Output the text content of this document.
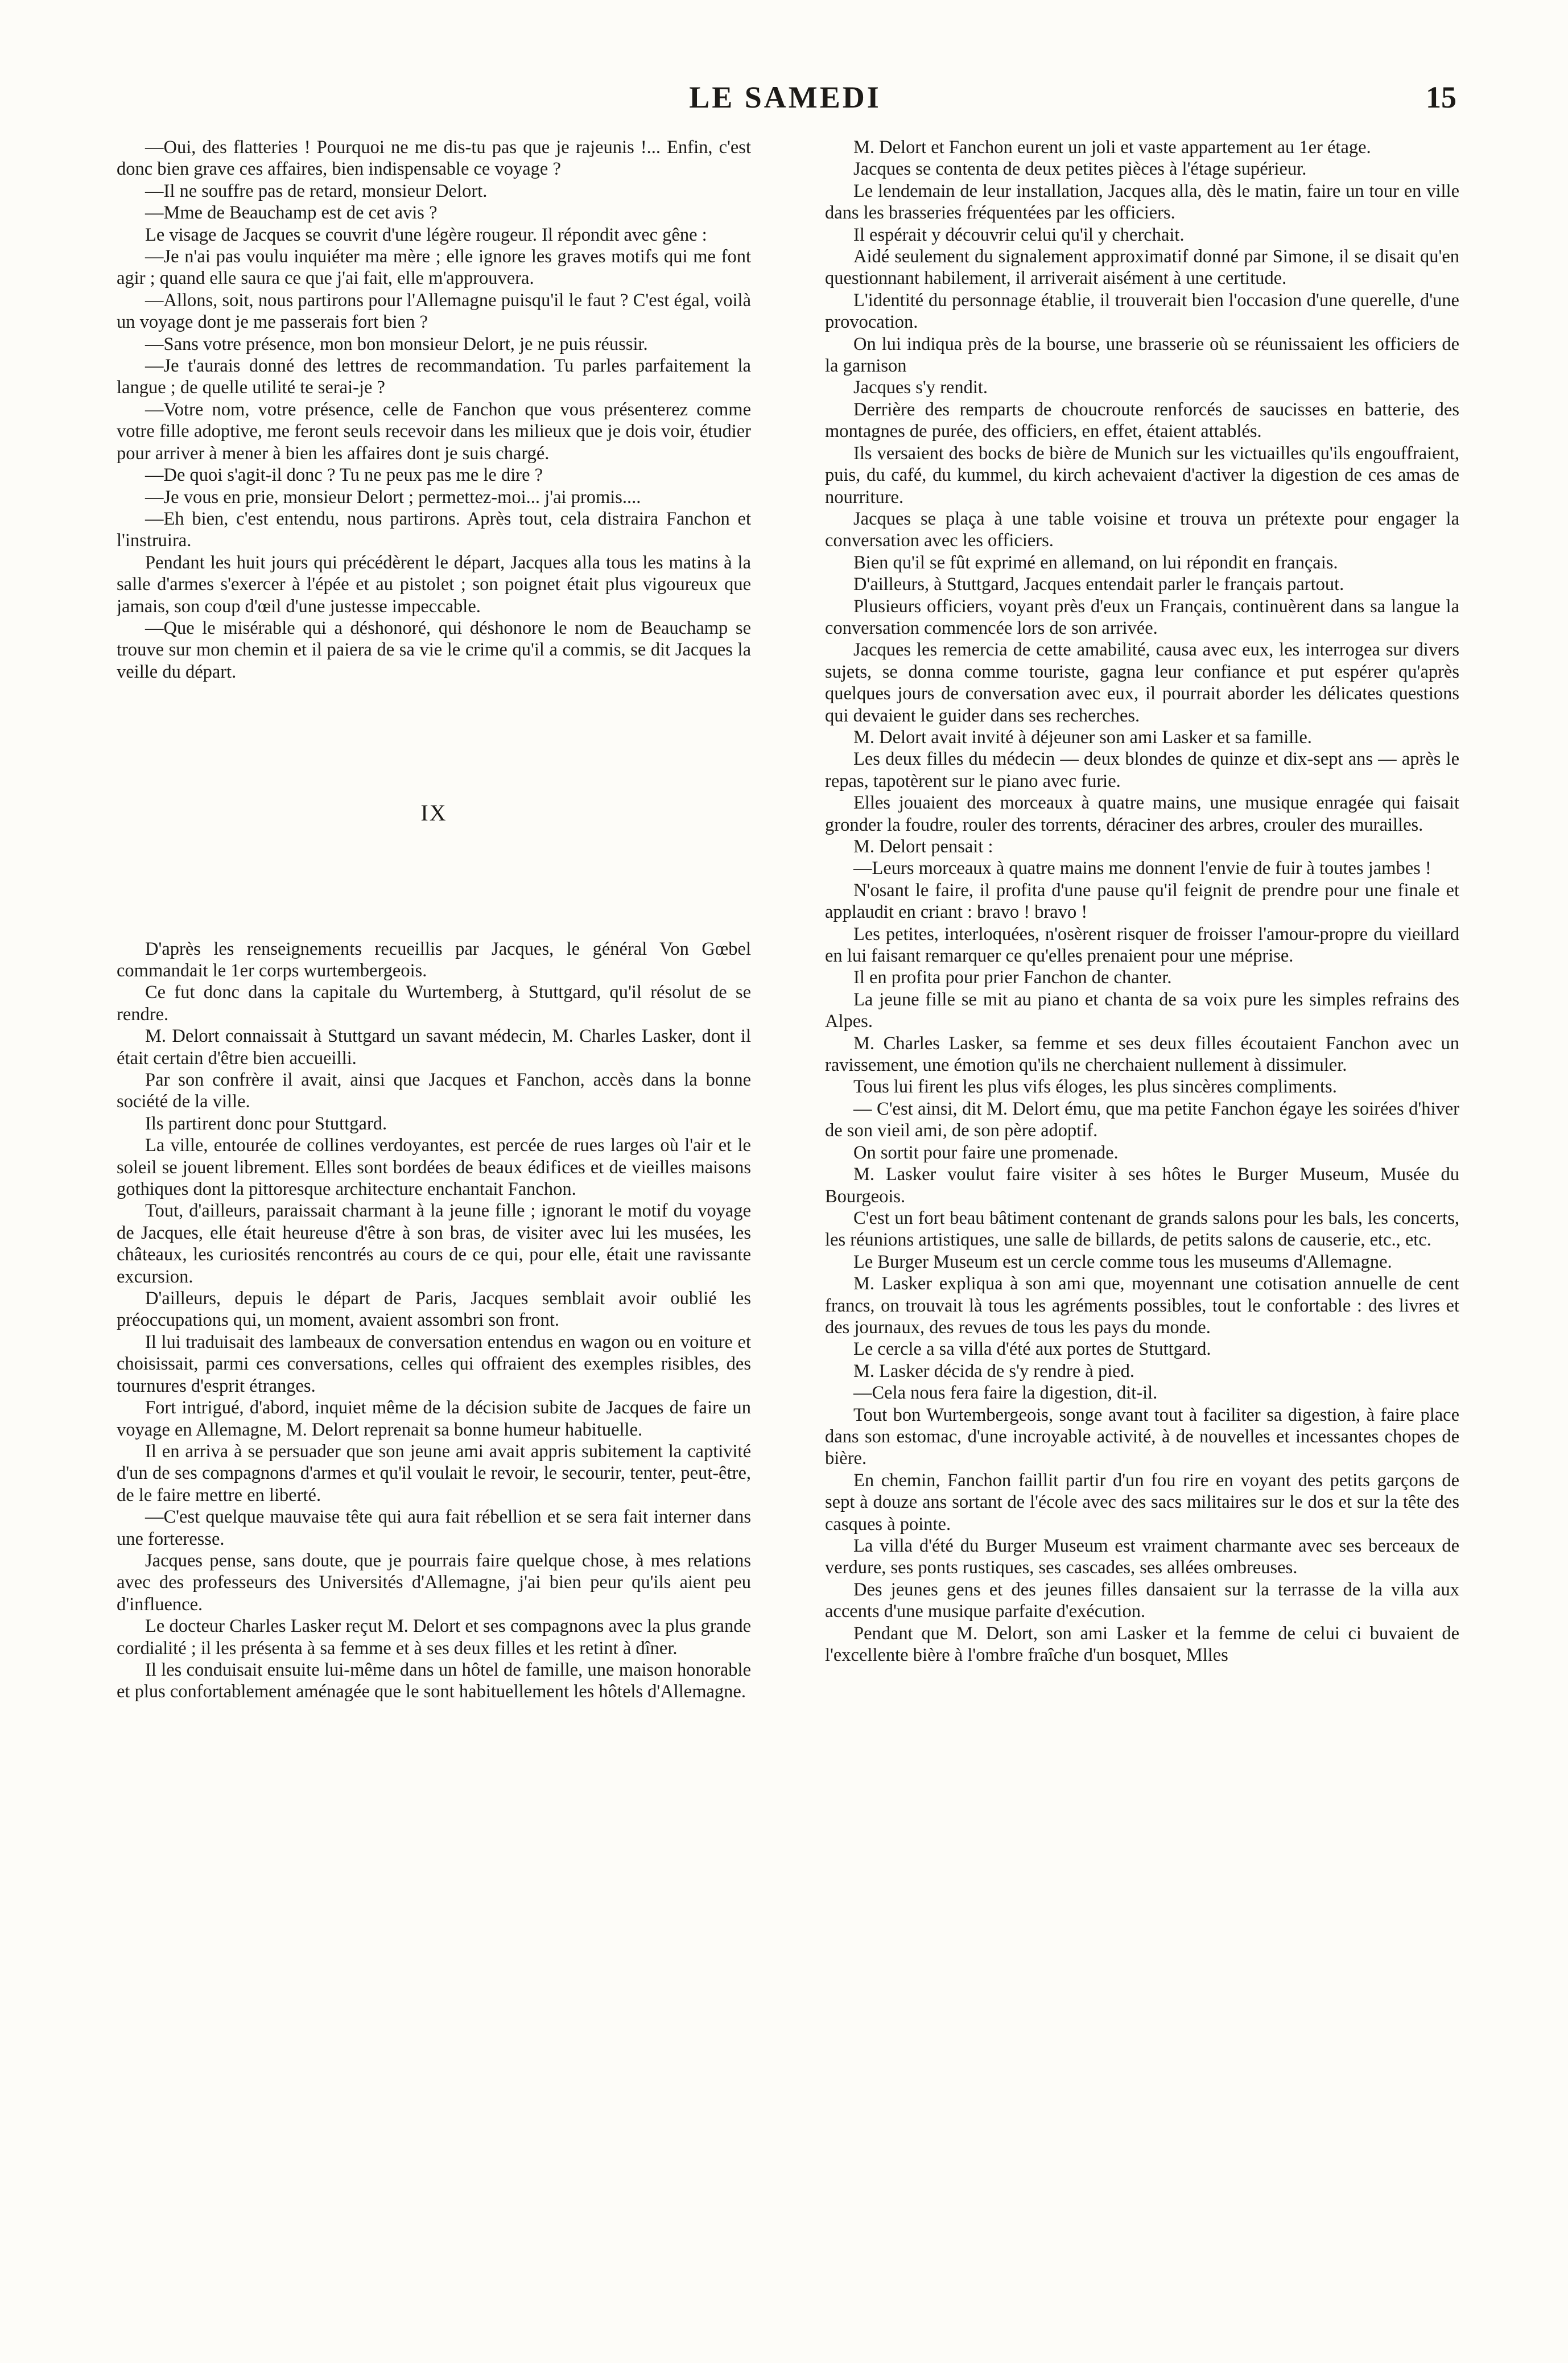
LE SAMEDI	15

—Oui, des flatteries ! Pourquoi ne me dis-tu pas que je rajeunis !... Enfin, c'est donc bien grave ces affaires, bien indispensable ce voyage ?

—Il ne souffre pas de retard, monsieur Delort.

—Mme de Beauchamp est de cet avis ?

Le visage de Jacques se couvrit d'une légère rougeur. Il répondit avec gêne :

—Je n'ai pas voulu inquiéter ma mère ; elle ignore les graves motifs qui me font agir ; quand elle saura ce que j'ai fait, elle m'approuvera.

—Allons, soit, nous partirons pour l'Allemagne puisqu'il le faut ? C'est égal, voilà un voyage dont je me passerais fort bien ?

—Sans votre présence, mon bon monsieur Delort, je ne puis réussir.

—Je t'aurais donné des lettres de recommandation. Tu parles parfaitement la langue ; de quelle utilité te serai-je ?

—Votre nom, votre présence, celle de Fanchon que vous présenterez comme votre fille adoptive, me feront seuls recevoir dans les milieux que je dois voir, étudier pour arriver à mener à bien les affaires dont je suis chargé.

—De quoi s'agit-il donc ? Tu ne peux pas me le dire ?

—Je vous en prie, monsieur Delort ; permettez-moi... j'ai promis....

—Eh bien, c'est entendu, nous partirons. Après tout, cela distraira Fanchon et l'instruira.

Pendant les huit jours qui précédèrent le départ, Jacques alla tous les matins à la salle d'armes s'exercer à l'épée et au pistolet ; son poignet était plus vigoureux que jamais, son coup d'œil d'une justesse impeccable.

—Que le misérable qui a déshonoré, qui déshonore le nom de Beauchamp se trouve sur mon chemin et il paiera de sa vie le crime qu'il a commis, se dit Jacques la veille du départ.

IX

D'après les renseignements recueillis par Jacques, le général Von Gœbel commandait le 1er corps wurtembergeois.

Ce fut donc dans la capitale du Wurtemberg, à Stuttgard, qu'il résolut de se rendre.

M. Delort connaissait à Stuttgard un savant médecin, M. Charles Lasker, dont il était certain d'être bien accueilli.

Par son confrère il avait, ainsi que Jacques et Fanchon, accès dans la bonne société de la ville.

Ils partirent donc pour Stuttgard.

La ville, entourée de collines verdoyantes, est percée de rues larges où l'air et le soleil se jouent librement. Elles sont bordées de beaux édifices et de vieilles maisons gothiques dont la pittoresque architecture enchantait Fanchon.

Tout, d'ailleurs, paraissait charmant à la jeune fille ; ignorant le motif du voyage de Jacques, elle était heureuse d'être à son bras, de visiter avec lui les musées, les châteaux, les curiosités rencontrés au cours de ce qui, pour elle, était une ravissante excursion.

D'ailleurs, depuis le départ de Paris, Jacques semblait avoir oublié les préoccupations qui, un moment, avaient assombri son front.

Il lui traduisait des lambeaux de conversation entendus en wagon ou en voiture et choisissait, parmi ces conversations, celles qui offraient des exemples risibles, des tournures d'esprit étranges.

Fort intrigué, d'abord, inquiet même de la décision subite de Jacques de faire un voyage en Allemagne, M. Delort reprenait sa bonne humeur habituelle.

Il en arriva à se persuader que son jeune ami avait appris subitement la captivité d'un de ses compagnons d'armes et qu'il voulait le revoir, le secourir, tenter, peut-être, de le faire mettre en liberté.

—C'est quelque mauvaise tête qui aura fait rébellion et se sera fait interner dans une forteresse.

Jacques pense, sans doute, que je pourrais faire quelque chose, à mes relations avec des professeurs des Universités d'Allemagne, j'ai bien peur qu'ils aient peu d'influence.

Le docteur Charles Lasker reçut M. Delort et ses compagnons avec la plus grande cordialité ; il les présenta à sa femme et à ses deux filles et les retint à dîner.

Il les conduisait ensuite lui-même dans un hôtel de famille, une maison honorable et plus confortablement aménagée que le sont habituellement les hôtels d'Allemagne.

M. Delort et Fanchon eurent un joli et vaste appartement au 1er étage.

Jacques se contenta de deux petites pièces à l'étage supérieur.

Le lendemain de leur installation, Jacques alla, dès le matin, faire un tour en ville dans les brasseries fréquentées par les officiers.

Il espérait y découvrir celui qu'il y cherchait.

Aidé seulement du signalement approximatif donné par Simone, il se disait qu'en questionnant habilement, il arriverait aisément à une certitude.

L'identité du personnage établie, il trouverait bien l'occasion d'une querelle, d'une provocation.

On lui indiqua près de la bourse, une brasserie où se réunissaient les officiers de la garnison

Jacques s'y rendit.

Derrière des remparts de choucroute renforcés de saucisses en batterie, des montagnes de purée, des officiers, en effet, étaient attablés.

Ils versaient des bocks de bière de Munich sur les victuailles qu'ils engouffraient, puis, du café, du kummel, du kirch achevaient d'activer la digestion de ces amas de nourriture.

Jacques se plaça à une table voisine et trouva un prétexte pour engager la conversation avec les officiers.

Bien qu'il se fût exprimé en allemand, on lui répondit en français.

D'ailleurs, à Stuttgard, Jacques entendait parler le français partout.

Plusieurs officiers, voyant près d'eux un Français, continuèrent dans sa langue la conversation commencée lors de son arrivée.

Jacques les remercia de cette amabilité, causa avec eux, les interrogea sur divers sujets, se donna comme touriste, gagna leur confiance et put espérer qu'après quelques jours de conversation avec eux, il pourrait aborder les délicates questions qui devaient le guider dans ses recherches.

M. Delort avait invité à déjeuner son ami Lasker et sa famille.

Les deux filles du médecin — deux blondes de quinze et dix-sept ans — après le repas, tapotèrent sur le piano avec furie.

Elles jouaient des morceaux à quatre mains, une musique enragée qui faisait gronder la foudre, rouler des torrents, déraciner des arbres, crouler des murailles.

M. Delort pensait :

—Leurs morceaux à quatre mains me donnent l'envie de fuir à toutes jambes !

N'osant le faire, il profita d'une pause qu'il feignit de prendre pour une finale et applaudit en criant : bravo ! bravo !

Les petites, interloquées, n'osèrent risquer de froisser l'amour-propre du vieillard en lui faisant remarquer ce qu'elles prenaient pour une méprise.

Il en profita pour prier Fanchon de chanter.

La jeune fille se mit au piano et chanta de sa voix pure les simples refrains des Alpes.

M. Charles Lasker, sa femme et ses deux filles écoutaient Fanchon avec un ravissement, une émotion qu'ils ne cherchaient nullement à dissimuler.

Tous lui firent les plus vifs éloges, les plus sincères compliments.

— C'est ainsi, dit M. Delort ému, que ma petite Fanchon égaye les soirées d'hiver de son vieil ami, de son père adoptif.

On sortit pour faire une promenade.

M. Lasker voulut faire visiter à ses hôtes le Burger Museum, Musée du Bourgeois.

C'est un fort beau bâtiment contenant de grands salons pour les bals, les concerts, les réunions artistiques, une salle de billards, de petits salons de causerie, etc., etc.

Le Burger Museum est un cercle comme tous les museums d'Allemagne.

M. Lasker expliqua à son ami que, moyennant une cotisation annuelle de cent francs, on trouvait là tous les agréments possibles, tout le confortable : des livres et des journaux, des revues de tous les pays du monde.

Le cercle a sa villa d'été aux portes de Stuttgard.

M. Lasker décida de s'y rendre à pied.

—Cela nous fera faire la digestion, dit-il.

Tout bon Wurtembergeois, songe avant tout à faciliter sa digestion, à faire place dans son estomac, d'une incroyable activité, à de nouvelles et incessantes chopes de bière.

En chemin, Fanchon faillit partir d'un fou rire en voyant des petits garçons de sept à douze ans sortant de l'école avec des sacs militaires sur le dos et sur la tête des casques à pointe.

La villa d'été du Burger Museum est vraiment charmante avec ses berceaux de verdure, ses ponts rustiques, ses cascades, ses allées ombreuses.

Des jeunes gens et des jeunes filles dansaient sur la terrasse de la villa aux accents d'une musique parfaite d'exécution.

Pendant que M. Delort, son ami Lasker et la femme de celui ci buvaient de l'excellente bière à l'ombre fraîche d'un bosquet, Mlles
